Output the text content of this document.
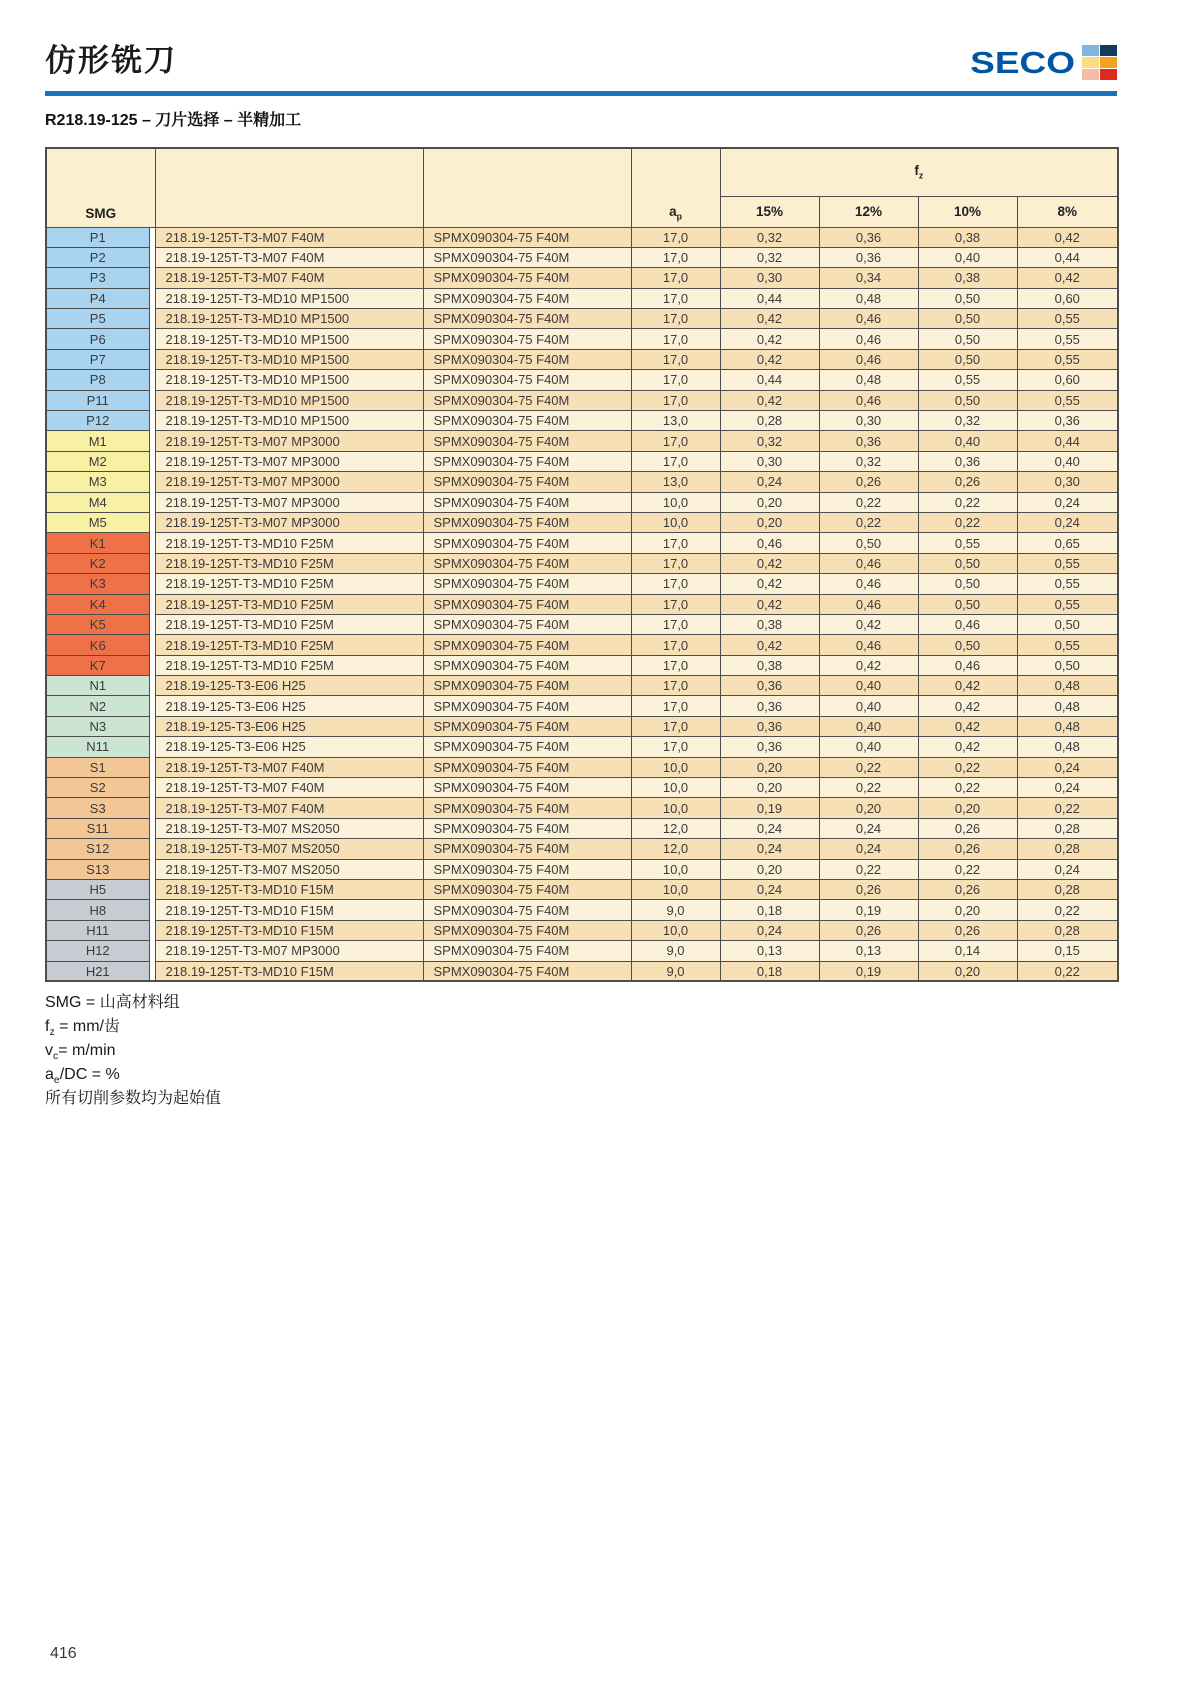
仿形铣刀	SECO
R218.19-125 – 刀片选择 – 半精加工
SMG				$a_p$	$f_z$
					15%	12%	10%	8%
P1		218.19-125T-T3-M07 F40M	SPMX090304-75 F40M	17,0	0,32	0,36	0,38	0,42
P2		218.19-125T-T3-M07 F40M	SPMX090304-75 F40M	17,0	0,32	0,36	0,40	0,44
P3		218.19-125T-T3-M07 F40M	SPMX090304-75 F40M	17,0	0,30	0,34	0,38	0,42
P4		218.19-125T-T3-MD10 MP1500	SPMX090304-75 F40M	17,0	0,44	0,48	0,50	0,60
P5		218.19-125T-T3-MD10 MP1500	SPMX090304-75 F40M	17,0	0,42	0,46	0,50	0,55
P6		218.19-125T-T3-MD10 MP1500	SPMX090304-75 F40M	17,0	0,42	0,46	0,50	0,55
P7		218.19-125T-T3-MD10 MP1500	SPMX090304-75 F40M	17,0	0,42	0,46	0,50	0,55
P8		218.19-125T-T3-MD10 MP1500	SPMX090304-75 F40M	17,0	0,44	0,48	0,55	0,60
P11		218.19-125T-T3-MD10 MP1500	SPMX090304-75 F40M	17,0	0,42	0,46	0,50	0,55
P12		218.19-125T-T3-MD10 MP1500	SPMX090304-75 F40M	13,0	0,28	0,30	0,32	0,36
M1		218.19-125T-T3-M07 MP3000	SPMX090304-75 F40M	17,0	0,32	0,36	0,40	0,44
M2		218.19-125T-T3-M07 MP3000	SPMX090304-75 F40M	17,0	0,30	0,32	0,36	0,40
M3		218.19-125T-T3-M07 MP3000	SPMX090304-75 F40M	13,0	0,24	0,26	0,26	0,30
M4		218.19-125T-T3-M07 MP3000	SPMX090304-75 F40M	10,0	0,20	0,22	0,22	0,24
M5		218.19-125T-T3-M07 MP3000	SPMX090304-75 F40M	10,0	0,20	0,22	0,22	0,24
K1		218.19-125T-T3-MD10 F25M	SPMX090304-75 F40M	17,0	0,46	0,50	0,55	0,65
K2		218.19-125T-T3-MD10 F25M	SPMX090304-75 F40M	17,0	0,42	0,46	0,50	0,55
K3		218.19-125T-T3-MD10 F25M	SPMX090304-75 F40M	17,0	0,42	0,46	0,50	0,55
K4		218.19-125T-T3-MD10 F25M	SPMX090304-75 F40M	17,0	0,42	0,46	0,50	0,55
K5		218.19-125T-T3-MD10 F25M	SPMX090304-75 F40M	17,0	0,38	0,42	0,46	0,50
K6		218.19-125T-T3-MD10 F25M	SPMX090304-75 F40M	17,0	0,42	0,46	0,50	0,55
K7		218.19-125T-T3-MD10 F25M	SPMX090304-75 F40M	17,0	0,38	0,42	0,46	0,50
N1		218.19-125-T3-E06 H25	SPMX090304-75 F40M	17,0	0,36	0,40	0,42	0,48
N2		218.19-125-T3-E06 H25	SPMX090304-75 F40M	17,0	0,36	0,40	0,42	0,48
N3		218.19-125-T3-E06 H25	SPMX090304-75 F40M	17,0	0,36	0,40	0,42	0,48
N11		218.19-125-T3-E06 H25	SPMX090304-75 F40M	17,0	0,36	0,40	0,42	0,48
S1		218.19-125T-T3-M07 F40M	SPMX090304-75 F40M	10,0	0,20	0,22	0,22	0,24
S2		218.19-125T-T3-M07 F40M	SPMX090304-75 F40M	10,0	0,20	0,22	0,22	0,24
S3		218.19-125T-T3-M07 F40M	SPMX090304-75 F40M	10,0	0,19	0,20	0,20	0,22
S11		218.19-125T-T3-M07 MS2050	SPMX090304-75 F40M	12,0	0,24	0,24	0,26	0,28
S12		218.19-125T-T3-M07 MS2050	SPMX090304-75 F40M	12,0	0,24	0,24	0,26	0,28
S13		218.19-125T-T3-M07 MS2050	SPMX090304-75 F40M	10,0	0,20	0,22	0,22	0,24
H5		218.19-125T-T3-MD10 F15M	SPMX090304-75 F40M	10,0	0,24	0,26	0,26	0,28
H8		218.19-125T-T3-MD10 F15M	SPMX090304-75 F40M	9,0	0,18	0,19	0,20	0,22
H11		218.19-125T-T3-MD10 F15M	SPMX090304-75 F40M	10,0	0,24	0,26	0,26	0,28
H12		218.19-125T-T3-M07 MP3000	SPMX090304-75 F40M	9,0	0,13	0,13	0,14	0,15
H21		218.19-125T-T3-MD10 F15M	SPMX090304-75 F40M	9,0	0,18	0,19	0,20	0,22
SMG = 山高材料组
$f_z = mm/$齿
$v_c= m/\min$
$a_e/DC$ = %
所有切削参数均为起始值
416
